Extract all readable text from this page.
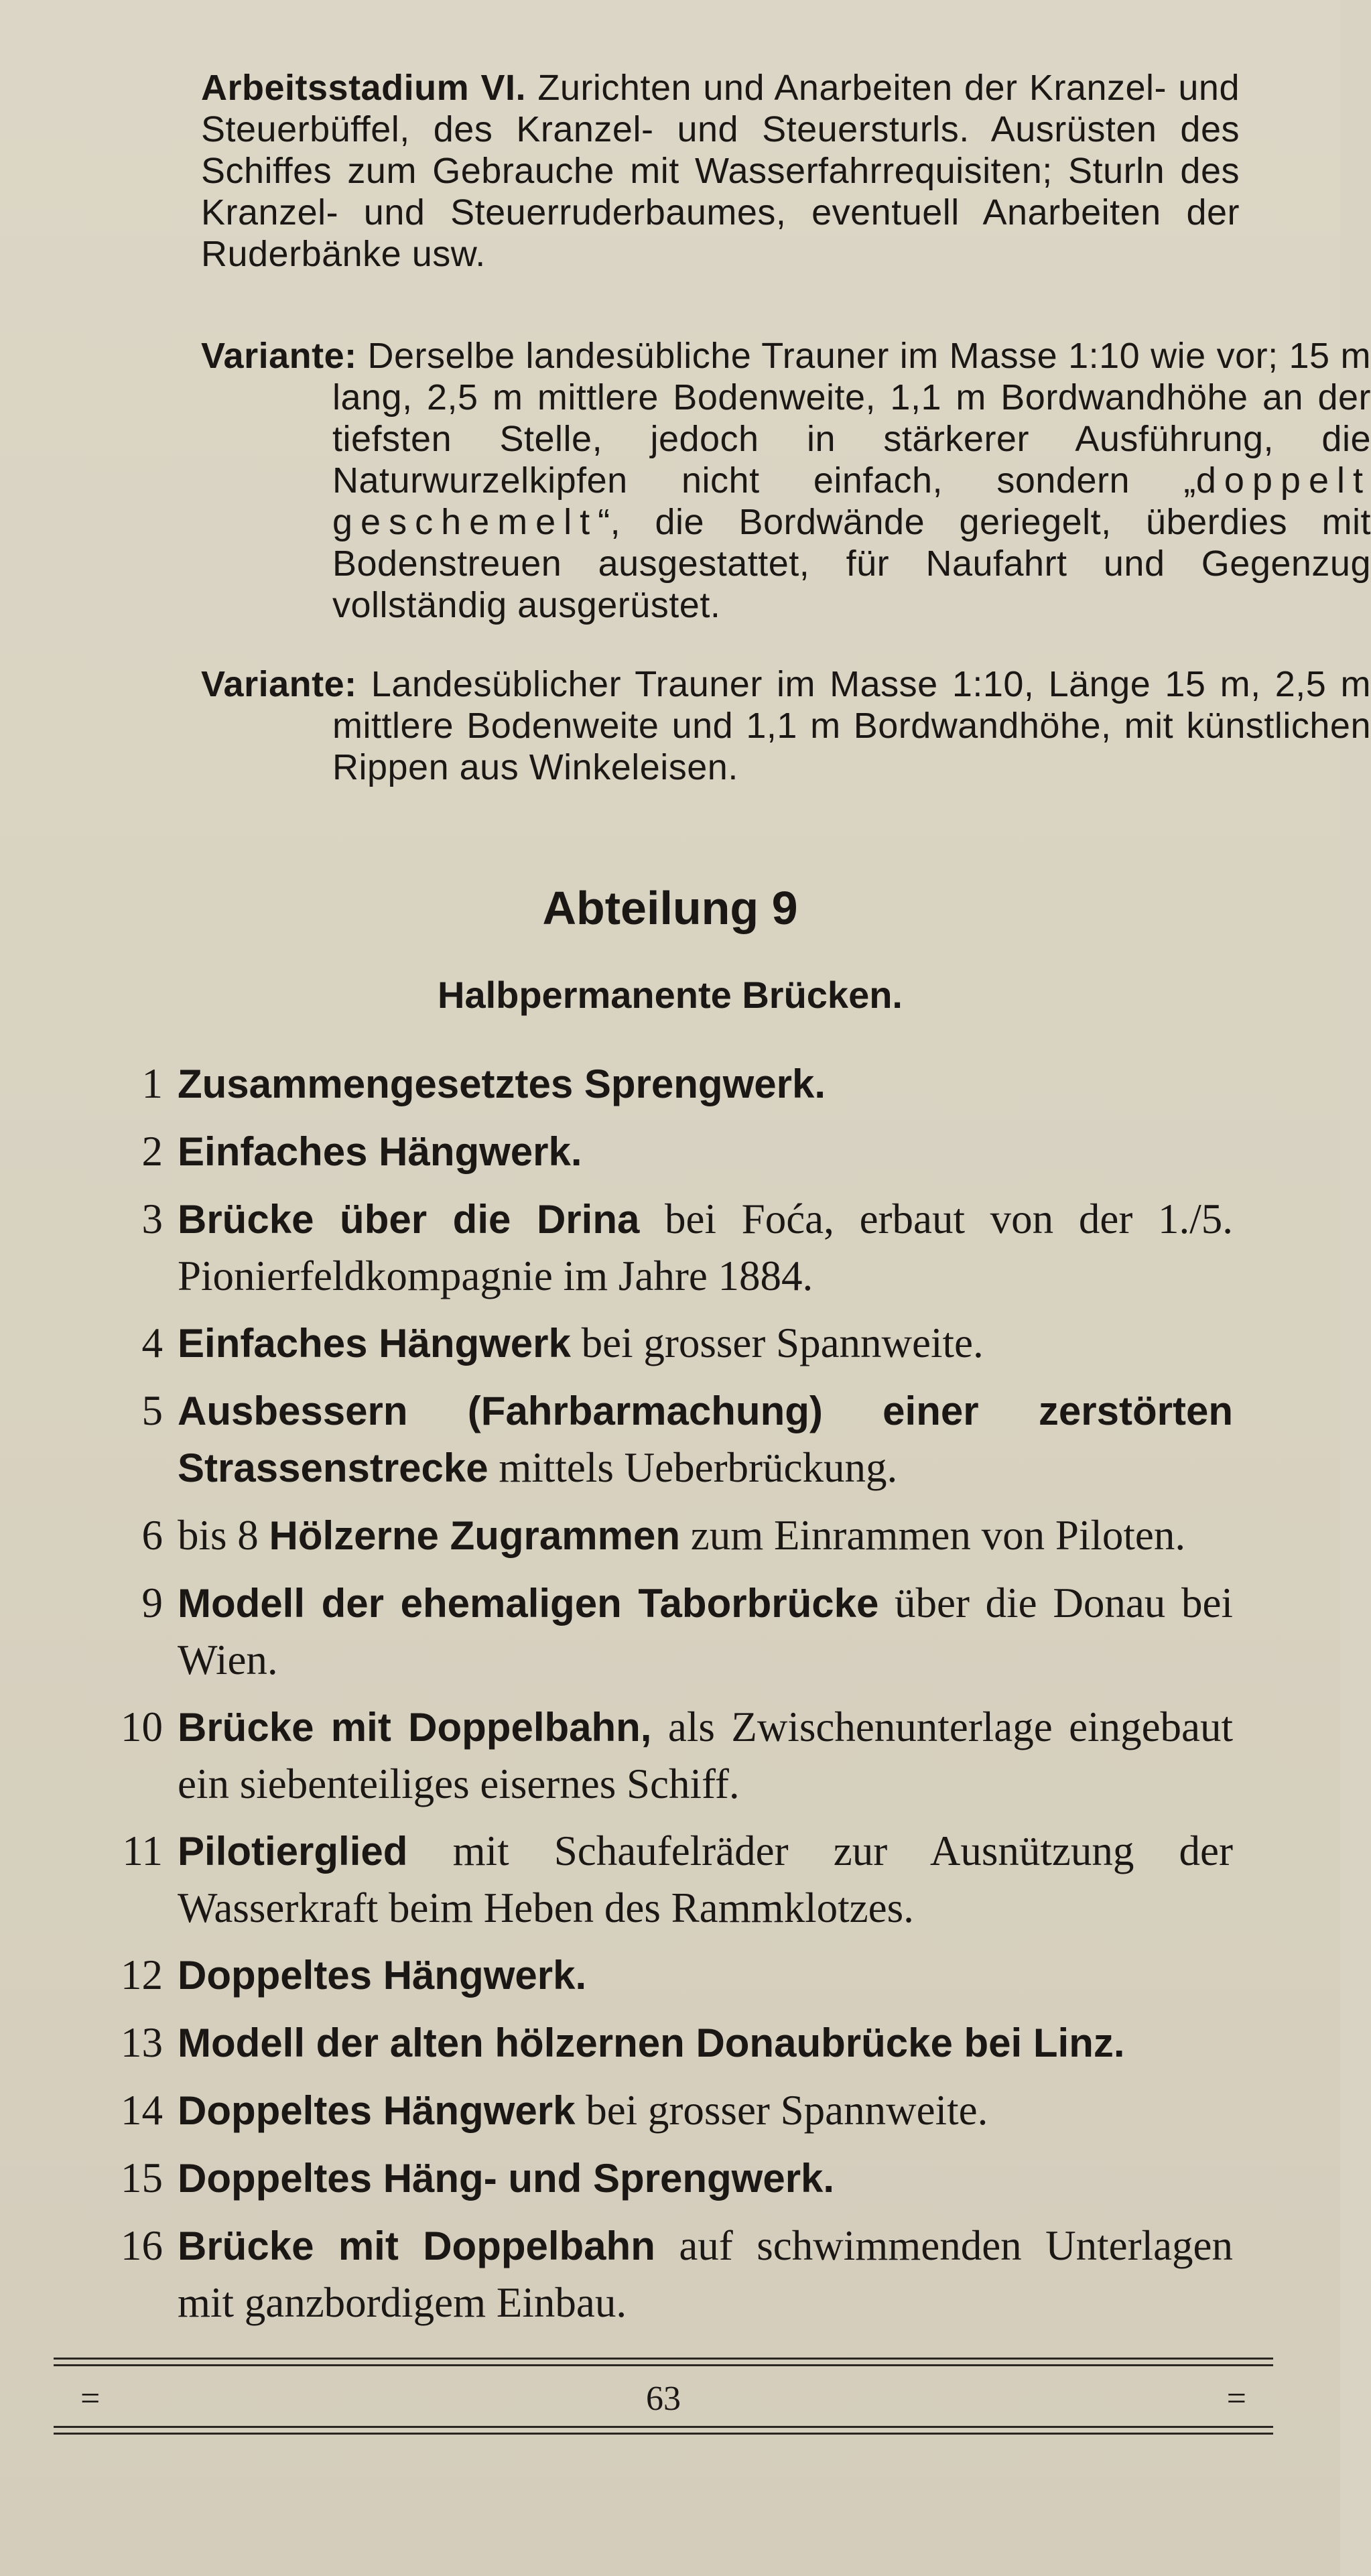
Arbeitsstadium VI. Zurichten und Anarbeiten der Kranzel- und Steuerbüffel, des Kranzel- und Steuersturls. Ausrüsten des Schiffes zum Gebrauche mit Wasserfahrrequisiten; Sturln des Kranzel- und Steuerruderbaumes, eventuell Anarbeiten der Ruderbänke usw.
Variante: Derselbe landesübliche Trauner im Masse 1:10 wie vor; 15 m lang, 2,5 m mittlere Bodenweite, 1,1 m Bordwandhöhe an der tiefsten Stelle, jedoch in stärkerer Ausführung, die Naturwurzelkipfen nicht einfach, sondern „doppelt geschemelt“, die Bordwände geriegelt, überdies mit Bodenstreuen ausgestattet, für Naufahrt und Gegenzug vollständig ausgerüstet.
Variante: Landesüblicher Trauner im Masse 1:10, Länge 15 m, 2,5 m mittlere Bodenweite und 1,1 m Bordwandhöhe, mit künstlichen Rippen aus Winkeleisen.
Abteilung 9
Halbpermanente Brücken.
1 Zusammengesetztes Sprengwerk.
2 Einfaches Hängwerk.
3 Brücke über die Drina bei Foća, erbaut von der 1./5. Pionierfeldkompagnie im Jahre 1884.
4 Einfaches Hängwerk bei grosser Spannweite.
5 Ausbessern (Fahrbarmachung) einer zerstörten Strassenstrecke mittels Ueberbrückung.
6 bis 8 Hölzerne Zugrammen zum Einrammen von Piloten.
9 Modell der ehemaligen Taborbrücke über die Donau bei Wien.
10 Brücke mit Doppelbahn, als Zwischenunterlage eingebaut ein siebenteiliges eisernes Schiff.
11 Pilotierglied mit Schaufelräder zur Ausnützung der Wasserkraft beim Heben des Rammklotzes.
12 Doppeltes Hängwerk.
13 Modell der alten hölzernen Donaubrücke bei Linz.
14 Doppeltes Hängwerk bei grosser Spannweite.
15 Doppeltes Häng- und Sprengwerk.
16 Brücke mit Doppelbahn auf schwimmenden Unterlagen mit ganzbordigem Einbau.
=	63	=
